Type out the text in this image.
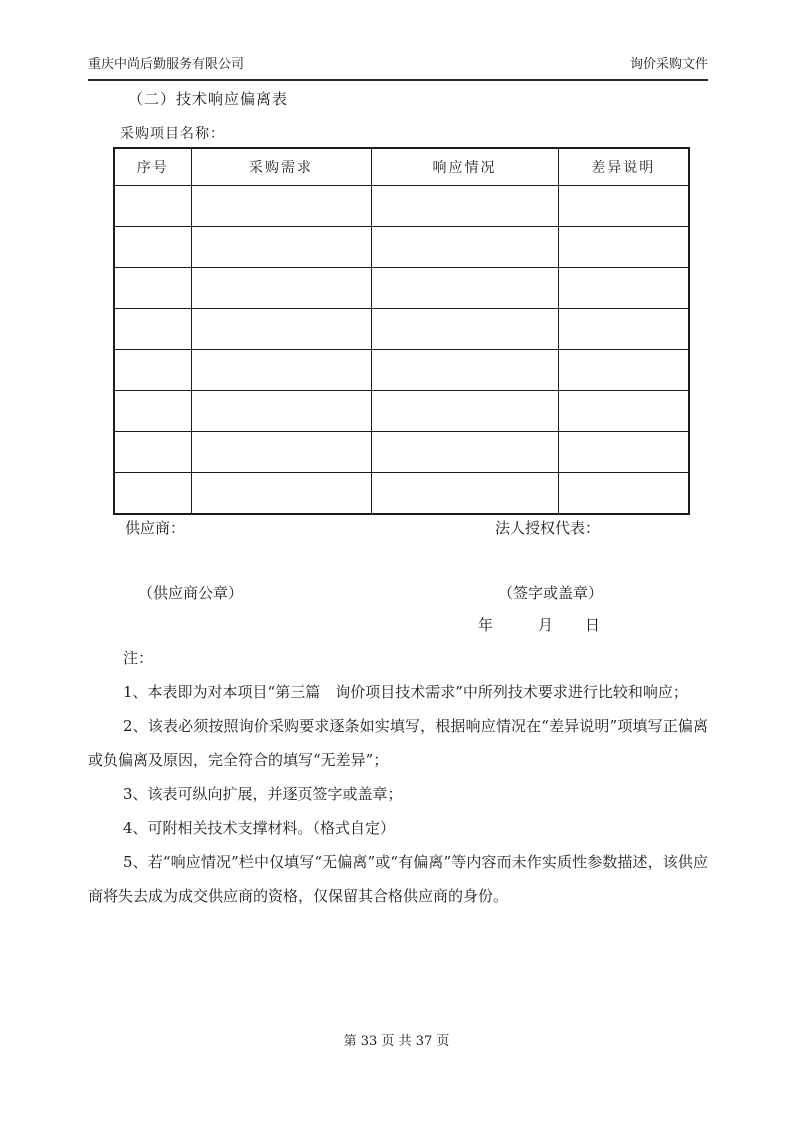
重庆中尚后勤服务有限公司	询价采购文件
（二）技术响应偏离表
采购项目名称：
序号	采购需求	响应情况	差异说明

供应商：	法人授权代表：
（供应商公章）	（签字或盖章）
年	月 日

注：

1、本表即为对本项目“第三篇　询价项目技术需求”中所列技术要求进行比较和响应；

2、该表必须按照询价采购要求逐条如实填写，根据响应情况在“差异说明”项填写正偏离或负偏离及原因，完全符合的填写“无差异”；

3、该表可纵向扩展，并逐页签字或盖章；

4、可附相关技术支撑材料。（格式自定）

5、若“响应情况”栏中仅填写“无偏离”或“有偏离”等内容而未作实质性参数描述，该供应商将失去成为成交供应商的资格，仅保留其合格供应商的身份。

第 33 页 共 37 页
